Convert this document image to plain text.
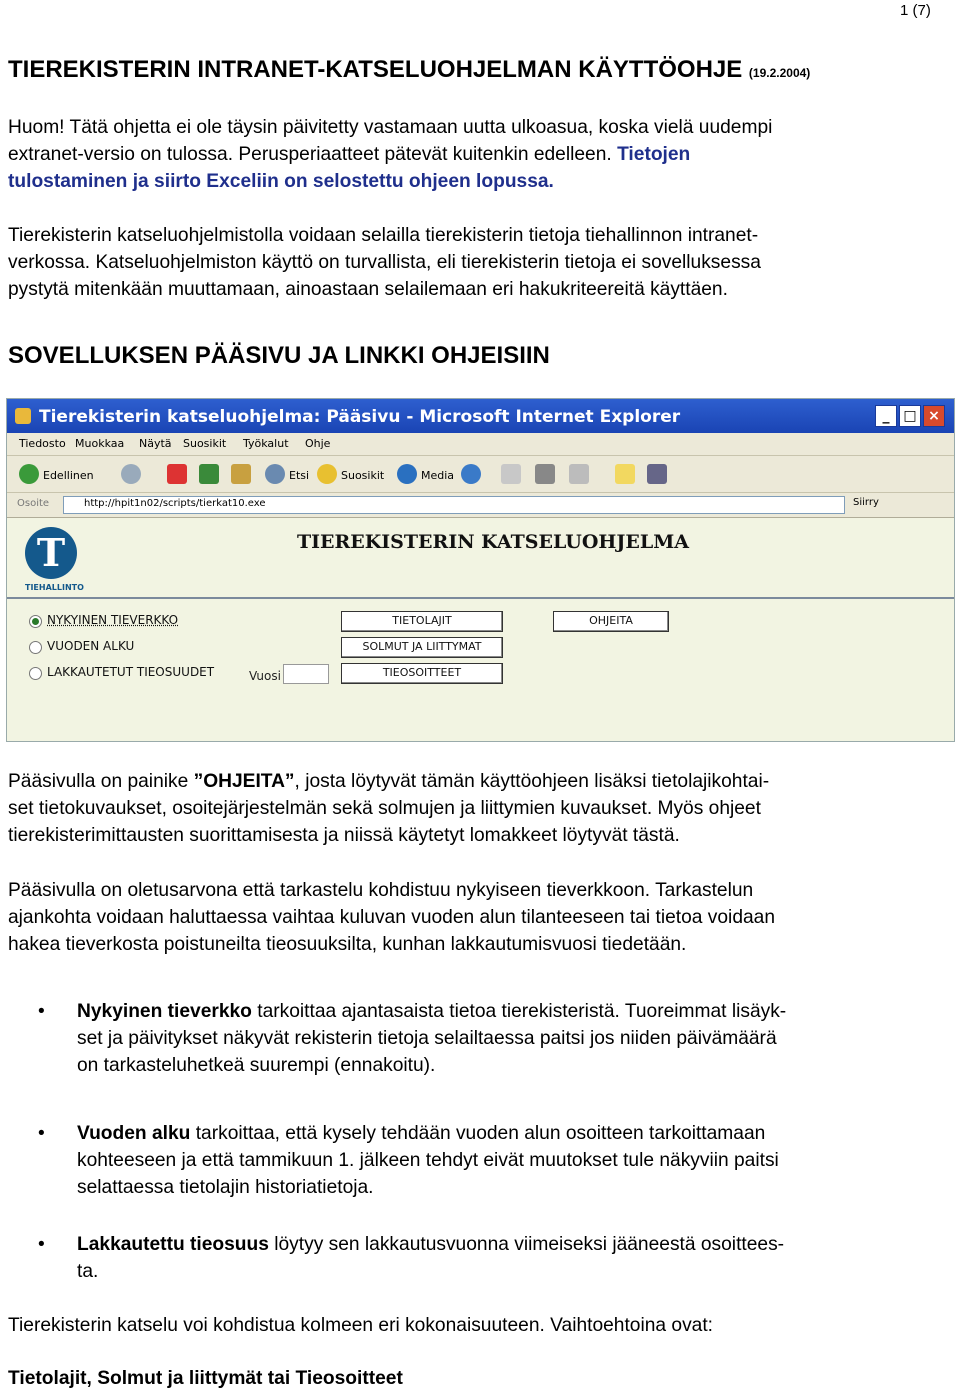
1 (7)
TIEREKISTERIN INTRANET-KATSELUOHJELMAN KÄYTTÖOHJE (19.2.2004)
Huom! Tätä ohjetta ei ole täysin päivitetty vastamaan uutta ulkoasua, koska vielä uudempi
extranet-versio on tulossa. Perusperiaatteet pätevät kuitenkin edelleen. Tietojen
tulostaminen ja siirto Exceliin on selostettu ohjeen lopussa.
Tierekisterin katseluohjelmistolla voidaan selailla tierekisterin tietoja tiehallinnon intranet-
verkossa. Katseluohjelmiston käyttö on turvallista, eli tierekisterin tietoja ei sovelluksessa
pystytä mitenkään muuttamaan, ainoastaan selailemaan eri hakukriteereitä käyttäen.
SOVELLUKSEN PÄÄSIVU JA LINKKI OHJEISIIN
Tierekisterin katseluohjelma: Pääsivu - Microsoft Internet Explorer	_ □ ×
Tiedosto Muokkaa Näytä Suosikit Työkalut Ohje
Edellinen	Etsi	Suosikit	Media
Osoite	http://hpit1n02/scripts/tierkat10.exe	Siirry
T
TIEHALLINTO
TIEREKISTERIN KATSELUOHJELMA
NYKYINEN TIEVERKKO
VUODEN ALKU
LAKKAUTETUT TIEOSUUDET	Vuosi
TIETOLAJIT
SOLMUT JA LIITTYMAT
TIEOSOITTEET
OHJEITA
Pääsivulla on painike ”OHJEITA”, josta löytyvät tämän käyttöohjeen lisäksi tietolajikohtai-
set tietokuvaukset, osoitejärjestelmän sekä solmujen ja liittymien kuvaukset. Myös ohjeet
tierekisterimittausten suorittamisesta ja niissä käytetyt lomakkeet löytyvät tästä.
Pääsivulla on oletusarvona että tarkastelu kohdistuu nykyiseen tieverkkoon. Tarkastelun
ajankohta voidaan haluttaessa vaihtaa kuluvan vuoden alun tilanteeseen tai tietoa voidaan
hakea tieverkosta poistuneilta tieosuuksilta, kunhan lakkautumisvuosi tiedetään.
• Nykyinen tieverkko tarkoittaa ajantasaista tietoa tierekisteristä. Tuoreimmat lisäyk-
set ja päivitykset näkyvät rekisterin tietoja selailtaessa paitsi jos niiden päivämäärä
on tarkasteluhetkeä suurempi (ennakoitu).
• Vuoden alku tarkoittaa, että kysely tehdään vuoden alun osoitteen tarkoittamaan
kohteeseen ja että tammikuun 1. jälkeen tehdyt eivät muutokset tule näkyviin paitsi
selattaessa tietolajin historiatietoja.
• Lakkautettu tieosuus löytyy sen lakkautusvuonna viimeiseksi jääneestä osoittees-
ta.
Tierekisterin katselu voi kohdistua kolmeen eri kokonaisuuteen. Vaihtoehtoina ovat:
Tietolajit, Solmut ja liittymät tai Tieosoitteet
